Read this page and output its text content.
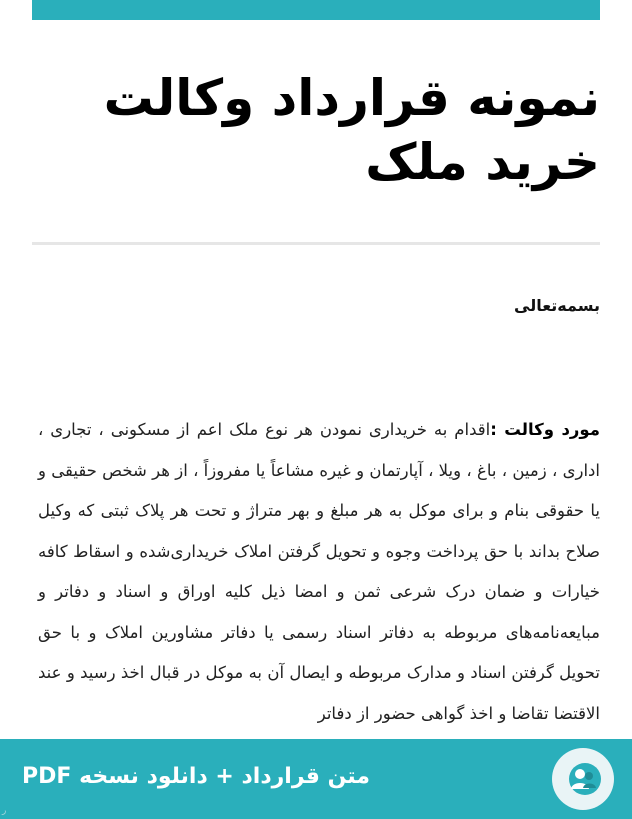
نمونه قرارداد وکالت
خرید ملک
بسمه‌تعالی

مورد وکالت :اقدام به خریداری نمودن هر نوع ملک اعم از مسکونی ، تجاری ، اداری ، زمین ، باغ ، ویلا ، آپارتمان و غیره مشاعاً یا مفروزاً ، از هر شخص حقیقی و یا حقوقی بنام و برای موکل به هر مبلغ و بهر متراژ و تحت هر پلاک ثبتی که وکیل صلاح بداند با حق پرداخت وجوه و تحویل گرفتن املاک خریداری‌شده و اسقاط کافه خیارات و ضمان درک شرعی ثمن و امضا ذیل کلیه اوراق و اسناد و دفاتر و مبایعه‌نامه‌های مربوطه به دفاتر اسناد رسمی یا دفاتر مشاورین املاک و با حق تحویل گرفتن اسناد و مدارک مربوطه و ایصال آن به موکل در قبال اخذ رسید و عند الاقتضا تقاضا و اخذ گواهی حضور از دفاتر

متن قرارداد + دانلود نسخه PDF
ر
